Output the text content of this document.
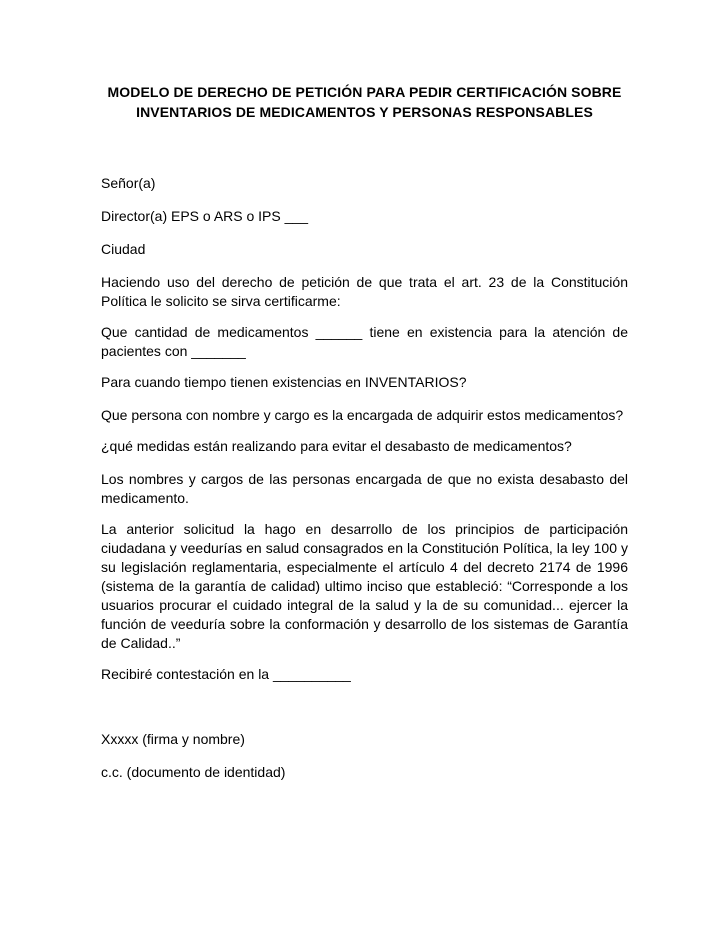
MODELO DE DERECHO DE PETICIÓN PARA PEDIR CERTIFICACIÓN SOBRE
INVENTARIOS DE MEDICAMENTOS Y PERSONAS RESPONSABLES

Señor(a)

Director(a) EPS o ARS o IPS ___

Ciudad

Haciendo uso del derecho de petición de que trata el art. 23 de la Constitución Política le solicito se sirva certificarme:

Que cantidad de medicamentos ______ tiene en existencia para la atención de pacientes con _______

Para cuando tiempo tienen existencias en INVENTARIOS?

Que persona con nombre y cargo es la encargada de adquirir estos medicamentos?

¿qué medidas están realizando para evitar el desabasto de medicamentos?

Los nombres y cargos de las personas encargada de que no exista desabasto del medicamento.

La anterior solicitud la hago en desarrollo de los principios de participación ciudadana y veedurías en salud consagrados en la Constitución Política, la ley 100 y su legislación reglamentaria, especialmente el artículo 4 del decreto 2174 de 1996 (sistema de la garantía de calidad) ultimo inciso que estableció: “Corresponde a los usuarios procurar el cuidado integral de la salud y la de su comunidad... ejercer la función de veeduría sobre la conformación y desarrollo de los sistemas de Garantía de Calidad..”

Recibiré contestación en la __________

Xxxxx (firma y nombre)

c.c. (documento de identidad)
